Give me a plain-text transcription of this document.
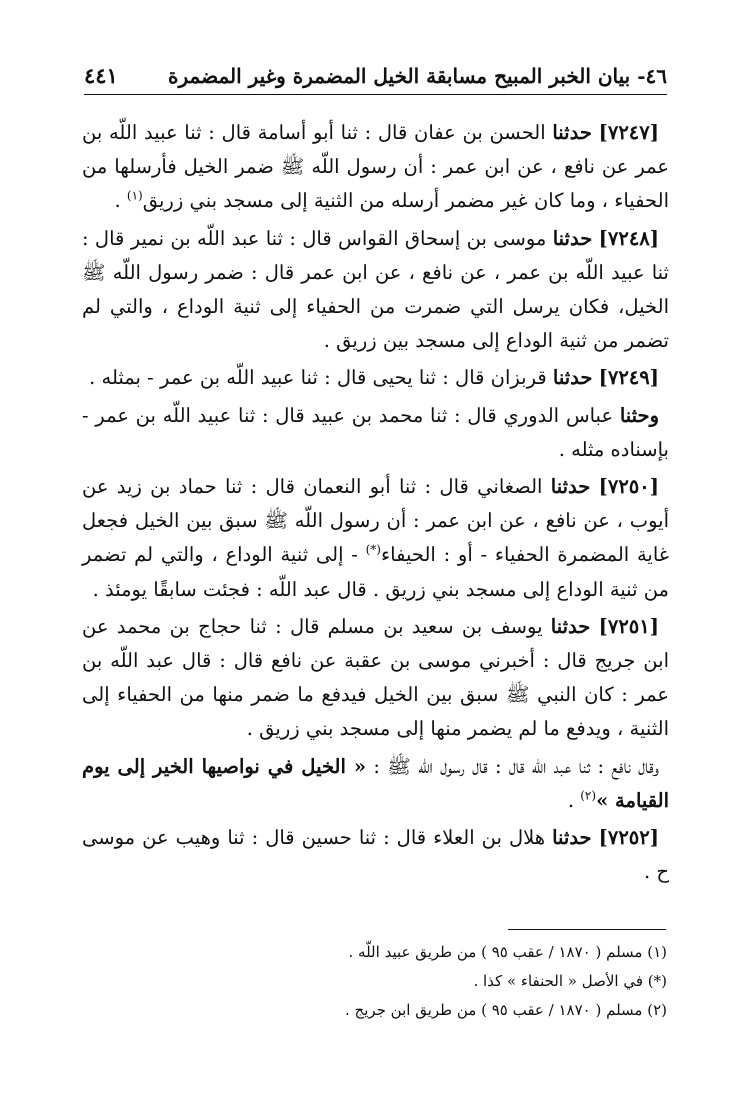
٤٦- بيان الخبر المبيح مسابقة الخيل المضمرة وغير المضمرة
٤٤١

[٧٢٤٧] حدثنا الحسن بن عفان قال : ثنا أبو أسامة قال : ثنا عبيد اللّه بن عمر عن نافع ، عن ابن عمر : أن رسول اللّه ﷺ ضمر الخيل فأرسلها من الحفياء ، وما كان غير مضمر أرسله من الثنية إلى مسجد بني زريق$^{(١)}$ .

[٧٢٤٨] حدثنا موسى بن إسحاق القواس قال : ثنا عبد اللّه بن نمير قال : ثنا عبيد اللّه بن عمر ، عن نافع ، عن ابن عمر قال : ضمر رسول اللّه ﷺ الخيل، فكان يرسل التي ضمرت من الحفياء إلى ثنية الوداع ، والتي لم تضمر من ثنية الوداع إلى مسجد بين زريق .

[٧٢٤٩] حدثنا قربزان قال : ثنا يحيى قال : ثنا عبيد اللّه بن عمر - بمثله .

وحثنا عباس الدوري قال : ثنا محمد بن عبيد قال : ثنا عبيد اللّه بن عمر - بإسناده مثله .

[٧٢٥٠] حدثنا الصغاني قال : ثنا أبو النعمان قال : ثنا حماد بن زيد عن أيوب ، عن نافع ، عن ابن عمر : أن رسول اللّه ﷺ سبق بين الخيل فجعل غاية المضمرة الحفياء - أو : الحيفاء(*) - إلى ثنية الوداع ، والتي لم تضمر من ثنية الوداع إلى مسجد بني زريق . قال عبد اللّه : فجئت سابقًا يومئذ .

[٧٢٥١] حدثنا يوسف بن سعيد بن مسلم قال : ثنا حجاج بن محمد عن ابن جريج قال : أخبرني موسى بن عقبة عن نافع قال : قال عبد اللّه بن عمر : كان النبي ﷺ سبق بين الخيل فيدفع ما ضمر منها من الحفياء إلى الثنية ، ويدفع ما لم يضمر منها إلى مسجد بني زريق .

وقال نافع : ثنا عبد اللّه قال : قال رسول اللّه ﷺ : « الخيل في نواصيها الخير إلى يوم القيامة »$^{(٢)}$ .

[٧٢٥٢] حدثنا هلال بن العلاء قال : ثنا حسين قال : ثنا وهيب عن موسى ح .

(١) مسلم ( ١٨٧٠ / عقب ٩٥ ) من طريق عبيد اللّه .
(*) في الأصل « الحنفاء » كذا .
(٢) مسلم ( ١٨٧٠ / عقب ٩٥ ) من طريق ابن جريج .
